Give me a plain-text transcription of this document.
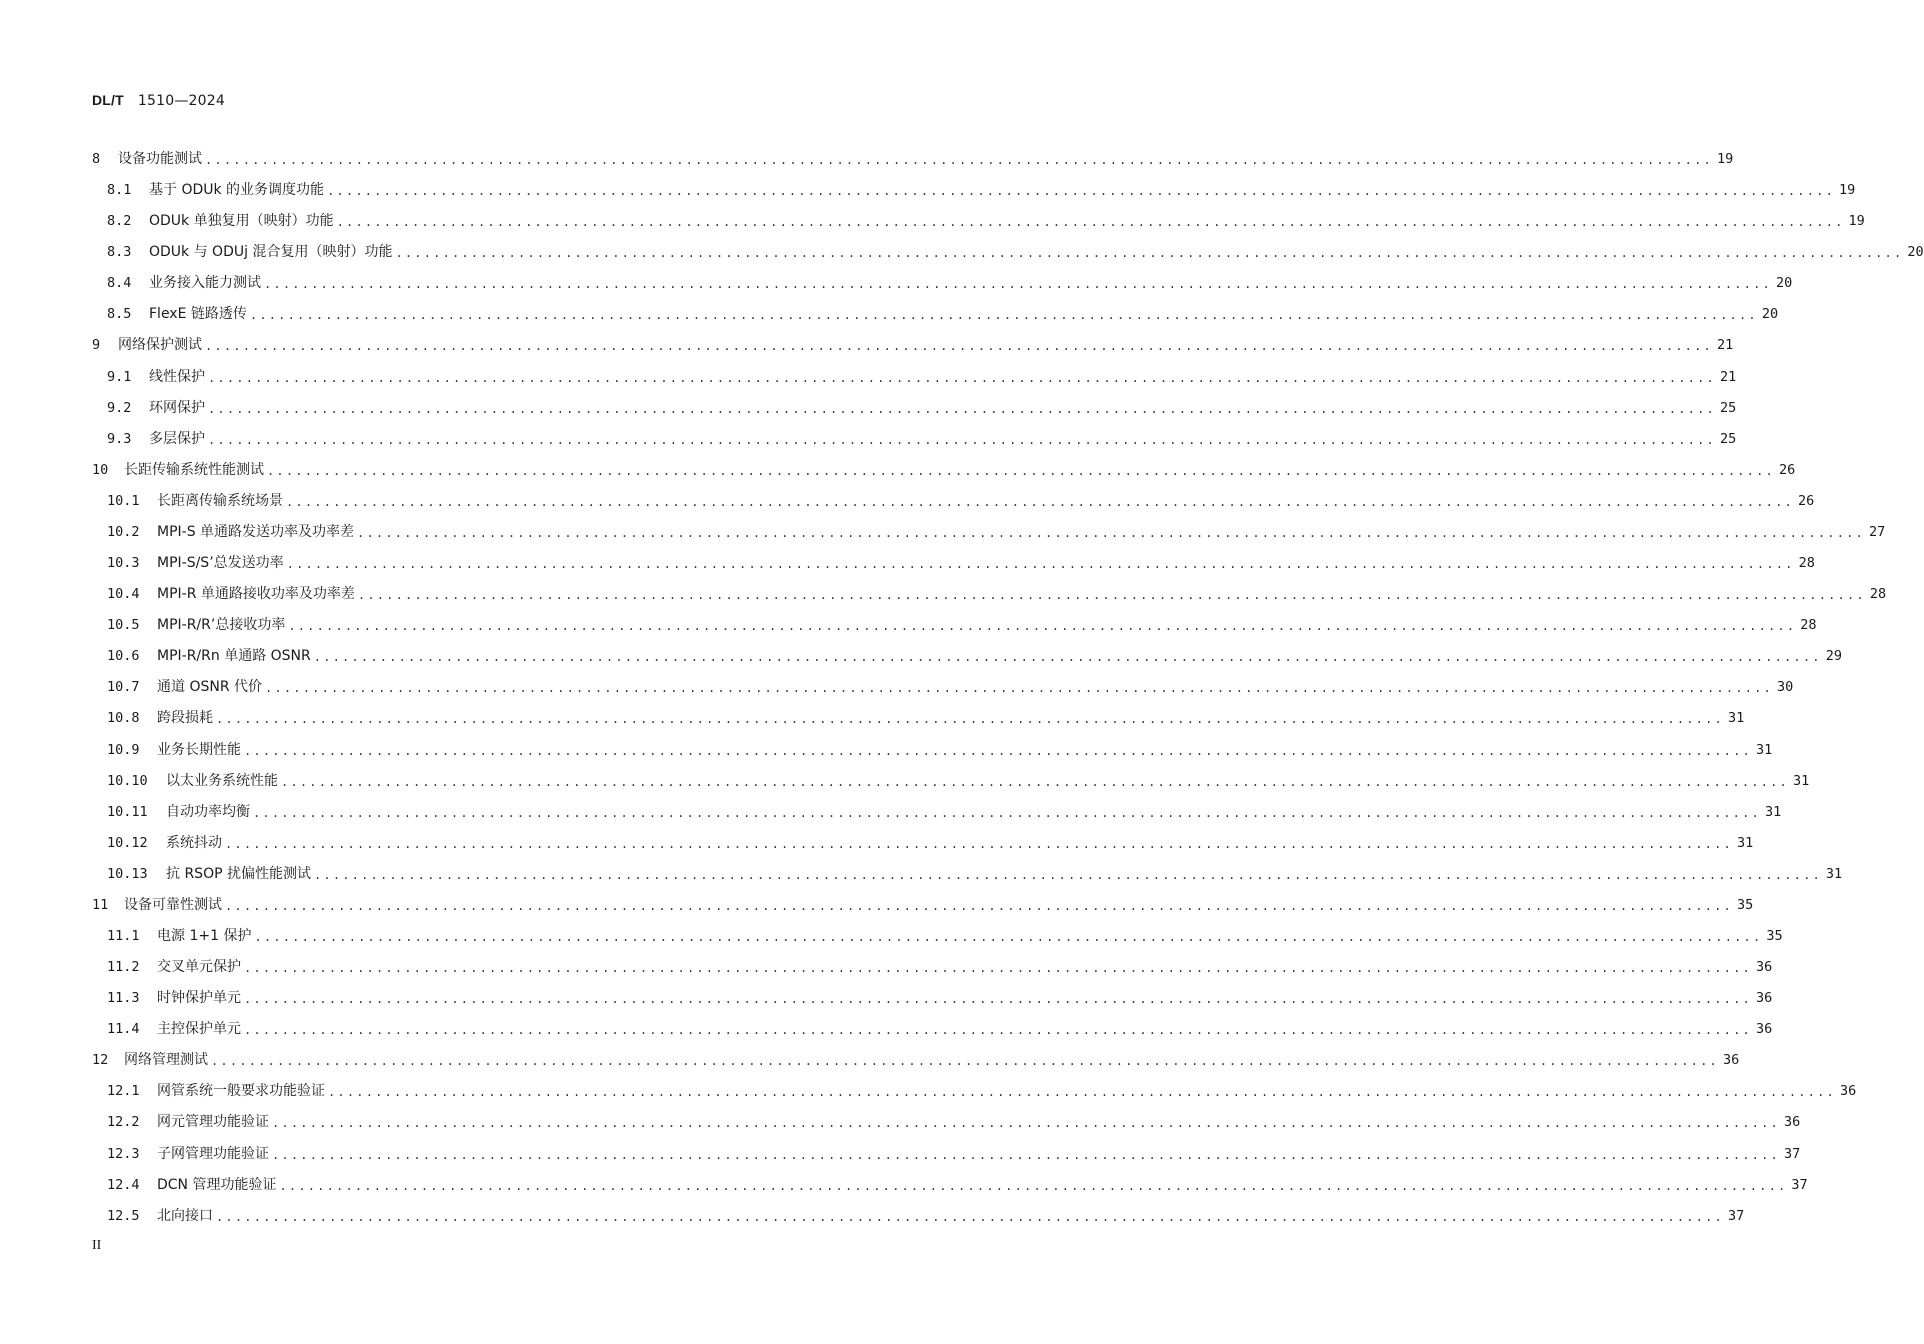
DL/T 1510—2024
8	设备功能测试 ................................................................................................................................................................ 19
8.1	基于 ODUk 的业务调度功能 ................................................................................................................................................................ 19
8.2	ODUk 单独复用（映射）功能 ................................................................................................................................................................ 19
8.3	ODUk 与 ODUj 混合复用（映射）功能 ................................................................................................................................................................ 20
8.4	业务接入能力测试 ................................................................................................................................................................ 20
8.5	FlexE 链路透传 ................................................................................................................................................................ 20
9	网络保护测试 ................................................................................................................................................................ 21
9.1	线性保护 ................................................................................................................................................................ 21
9.2	环网保护 ................................................................................................................................................................ 25
9.3	多层保护 ................................................................................................................................................................ 25
10	长距传输系统性能测试 ................................................................................................................................................................ 26
10.1	长距离传输系统场景 ................................................................................................................................................................ 26
10.2	MPI-S 单通路发送功率及功率差 ................................................................................................................................................................ 27
10.3	MPI-S/S’总发送功率 ................................................................................................................................................................ 28
10.4	MPI-R 单通路接收功率及功率差 ................................................................................................................................................................ 28
10.5	MPI-R/R’总接收功率 ................................................................................................................................................................ 28
10.6	MPI-R/Rn 单通路 OSNR ................................................................................................................................................................ 29
10.7	通道 OSNR 代价 ................................................................................................................................................................ 30
10.8	跨段损耗 ................................................................................................................................................................ 31
10.9	业务长期性能 ................................................................................................................................................................ 31
10.10	以太业务系统性能 ................................................................................................................................................................ 31
10.11	自动功率均衡 ................................................................................................................................................................ 31
10.12	系统抖动 ................................................................................................................................................................ 31
10.13	抗 RSOP 扰偏性能测试 ................................................................................................................................................................ 31
11	设备可靠性测试 ................................................................................................................................................................ 35
11.1	电源 1+1 保护 ................................................................................................................................................................ 35
11.2	交叉单元保护 ................................................................................................................................................................ 36
11.3	时钟保护单元 ................................................................................................................................................................ 36
11.4	主控保护单元 ................................................................................................................................................................ 36
12	网络管理测试 ................................................................................................................................................................ 36
12.1	网管系统一般要求功能验证 ................................................................................................................................................................ 36
12.2	网元管理功能验证 ................................................................................................................................................................ 36
12.3	子网管理功能验证 ................................................................................................................................................................ 37
12.4	DCN 管理功能验证 ................................................................................................................................................................ 37
12.5	北向接口 ................................................................................................................................................................ 37
II
